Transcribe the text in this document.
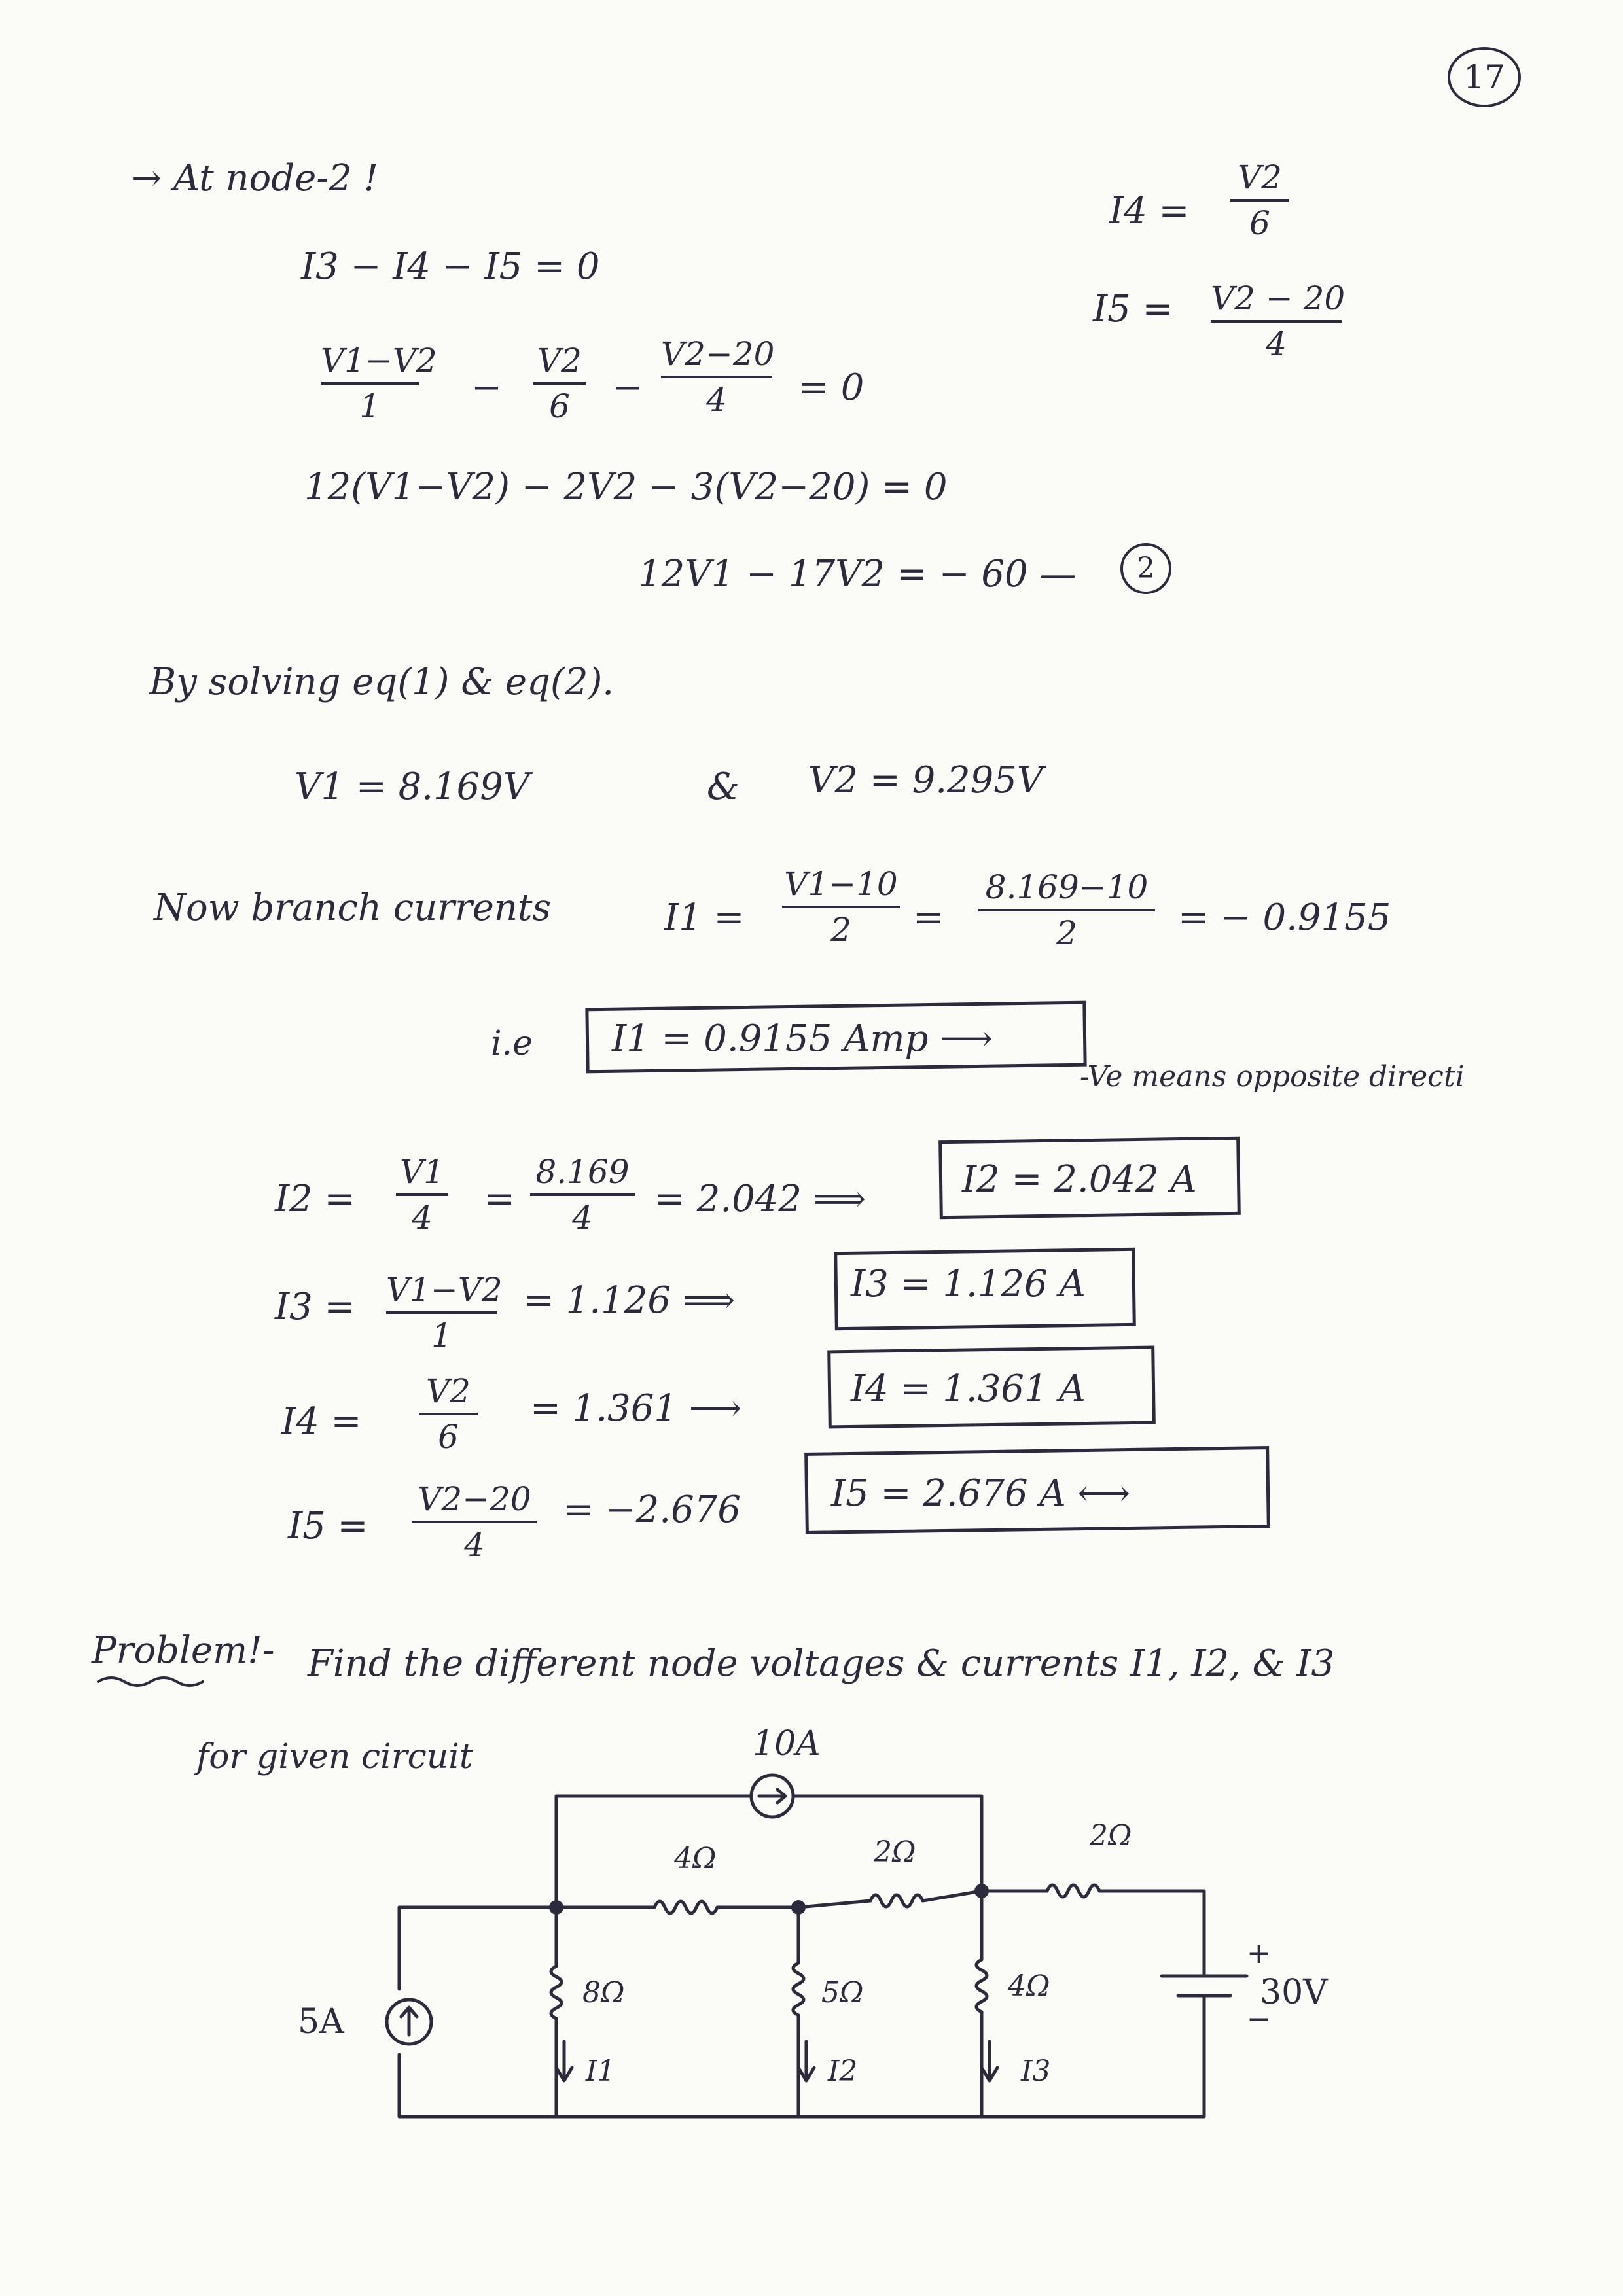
17
→ At node-2 !
I3 − I4 − I5 = 0
V1−V2
1	−
V2
6	−
V2−20
4	= 0
12(V1−V2) − 2V2 − 3(V2−20) = 0
12V1 − 17V2 = − 60 —	2
I4 =
V2
6
I5 = V2 − 20
4
By solving eq(1) & eq(2).
V1 = 8.169V	& V2 = 9.295V
Now branch currents	I1 =
V1−10
2	=
8.169−10
2	= − 0.9155
i.e I1 = 0.9155 Amp ⟶
-Ve means opposite directi
I2 =
V1
4	=
8.169
4	= 2.042 ⟹	I2 = 2.042 A
I3 = V1−V2
1
= 1.126 ⟹	I3 = 1.126 A
I4 =
V2
6
= 1.361 ⟶	I4 = 1.361 A
I5 =
V2−20
4
= −2.676 I5 = 2.676 A ⟷
Problem!- Find the different node voltages & currents I1, I2, & I3
for given circuit	10A
4Ω	2Ω	2Ω
8Ω	5Ω	4Ω
I1	I2	I3
5A
30V
+
−
